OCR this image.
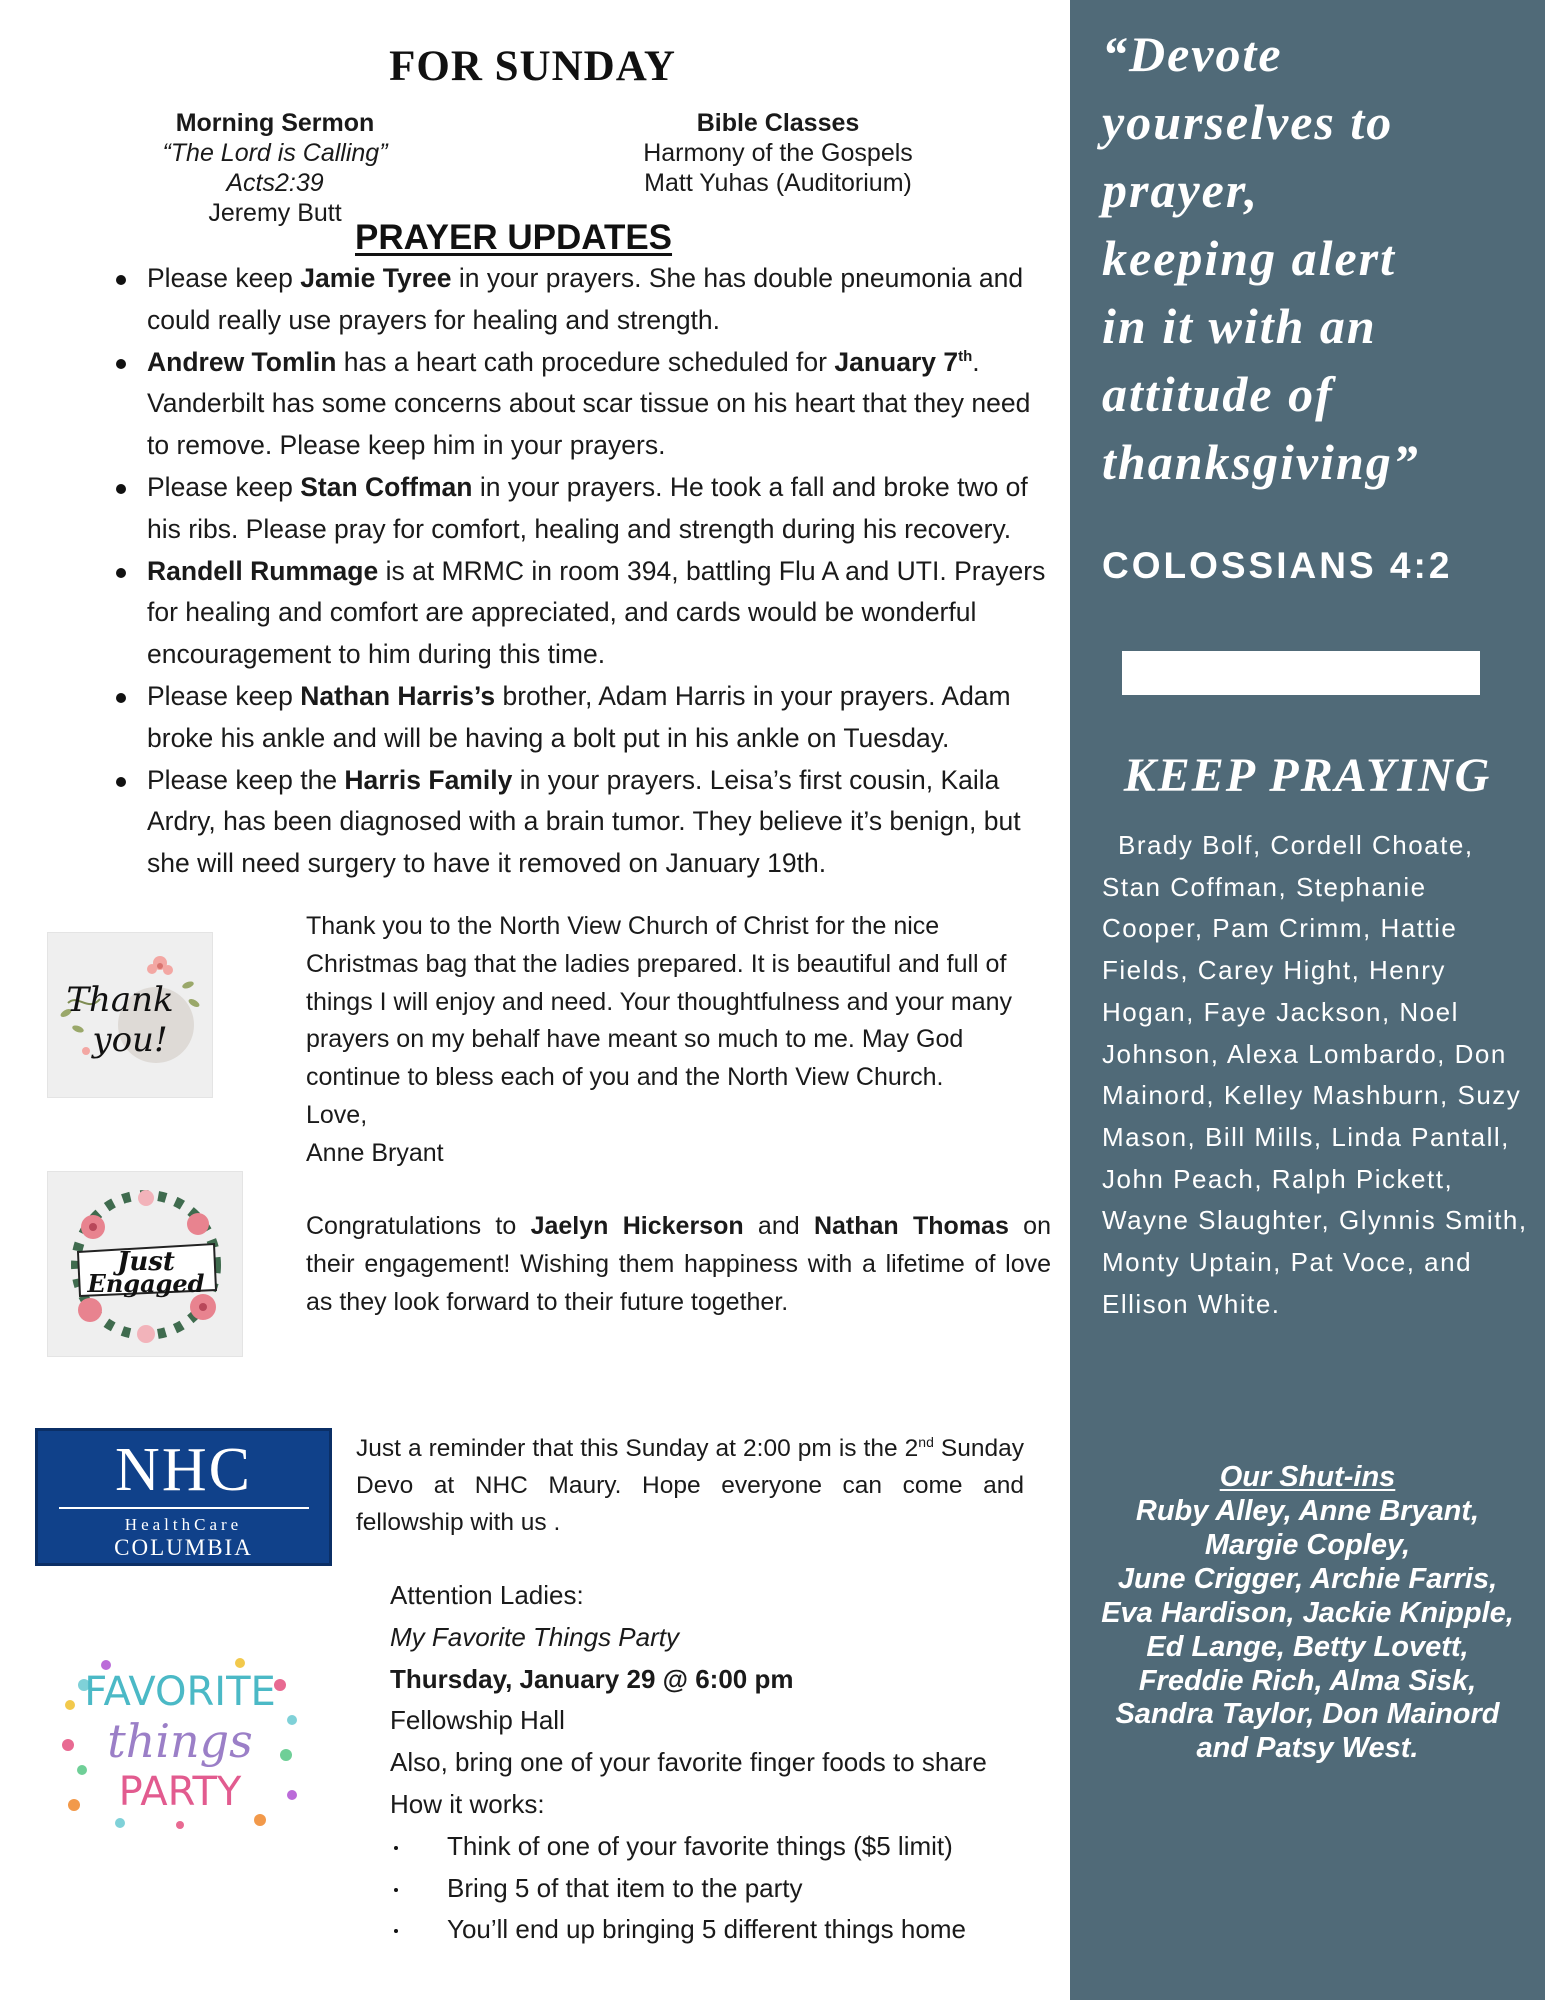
FOR SUNDAY
Morning Sermon
“The Lord is Calling”
Acts2:39
Jeremy Butt
Bible Classes
Harmony of the Gospels
Matt Yuhas (Auditorium)
PRAYER UPDATES
Please keep Jamie Tyree in your prayers. She has double pneumonia and could really use prayers for healing and strength.
Andrew Tomlin has a heart cath procedure scheduled for January 7th. Vanderbilt has some concerns about scar tissue on his heart that they need to remove. Please keep him in your prayers.
Please keep Stan Coffman in your prayers. He took a fall and broke two of his ribs. Please pray for comfort, healing and strength during his recovery.
Randell Rummage is at MRMC in room 394, battling Flu A and UTI. Prayers for healing and comfort are appreciated, and cards would be wonderful encouragement to him during this time.
Please keep Nathan Harris’s brother, Adam Harris in your prayers. Adam broke his ankle and will be having a bolt put in his ankle on Tuesday.
Please keep the Harris Family in your prayers. Leisa’s first cousin, Kaila Ardry, has been diagnosed with a brain tumor. They believe it’s benign, but she will need surgery to have it removed on January 19th.
Thank
you!
Thank you to the North View Church of Christ for the nice Christmas bag that the ladies prepared. It is beautiful and full of things I will enjoy and need. Your thoughtfulness and your many prayers on my behalf have meant so much to me. May God continue to bless each of you and the North View Church.
Love,
Anne Bryant
Just
Engaged
Congratulations to Jaelyn Hickerson and Nathan Thomas on their engagement! Wishing them happiness with a lifetime of love as they look forward to their future together.
NHC
HealthCare
COLUMBIA
Just a reminder that this Sunday at 2:00 pm is the 2nd Sunday Devo at NHC Maury. Hope everyone can come and fellowship with us .
FAVORITE
things
PARTY
Attention Ladies:
My Favorite Things Party
Thursday, January 29 @ 6:00 pm
Fellowship Hall
Also, bring one of your favorite finger foods to share
How it works:
Think of one of your favorite things ($5 limit)
Bring 5 of that item to the party
You’ll end up bringing 5 different things home
“Devote
yourselves to
prayer,
keeping alert
in it with an
attitude of
thanksgiving”
COLOSSIANS 4:2
KEEP PRAYING
Brady Bolf, Cordell Choate, Stan Coffman, Stephanie Cooper, Pam Crimm, Hattie Fields, Carey Hight, Henry Hogan, Faye Jackson, Noel Johnson, Alexa Lombardo, Don Mainord, Kelley Mashburn, Suzy Mason, Bill Mills, Linda Pantall, John Peach, Ralph Pickett, Wayne Slaughter, Glynnis Smith, Monty Uptain, Pat Voce, and Ellison White.
Our Shut-ins
Ruby Alley, Anne Bryant,
Margie Copley,
June Crigger, Archie Farris,
Eva Hardison, Jackie Knipple,
Ed Lange, Betty Lovett,
Freddie Rich, Alma Sisk,
Sandra Taylor, Don Mainord
and Patsy West.
